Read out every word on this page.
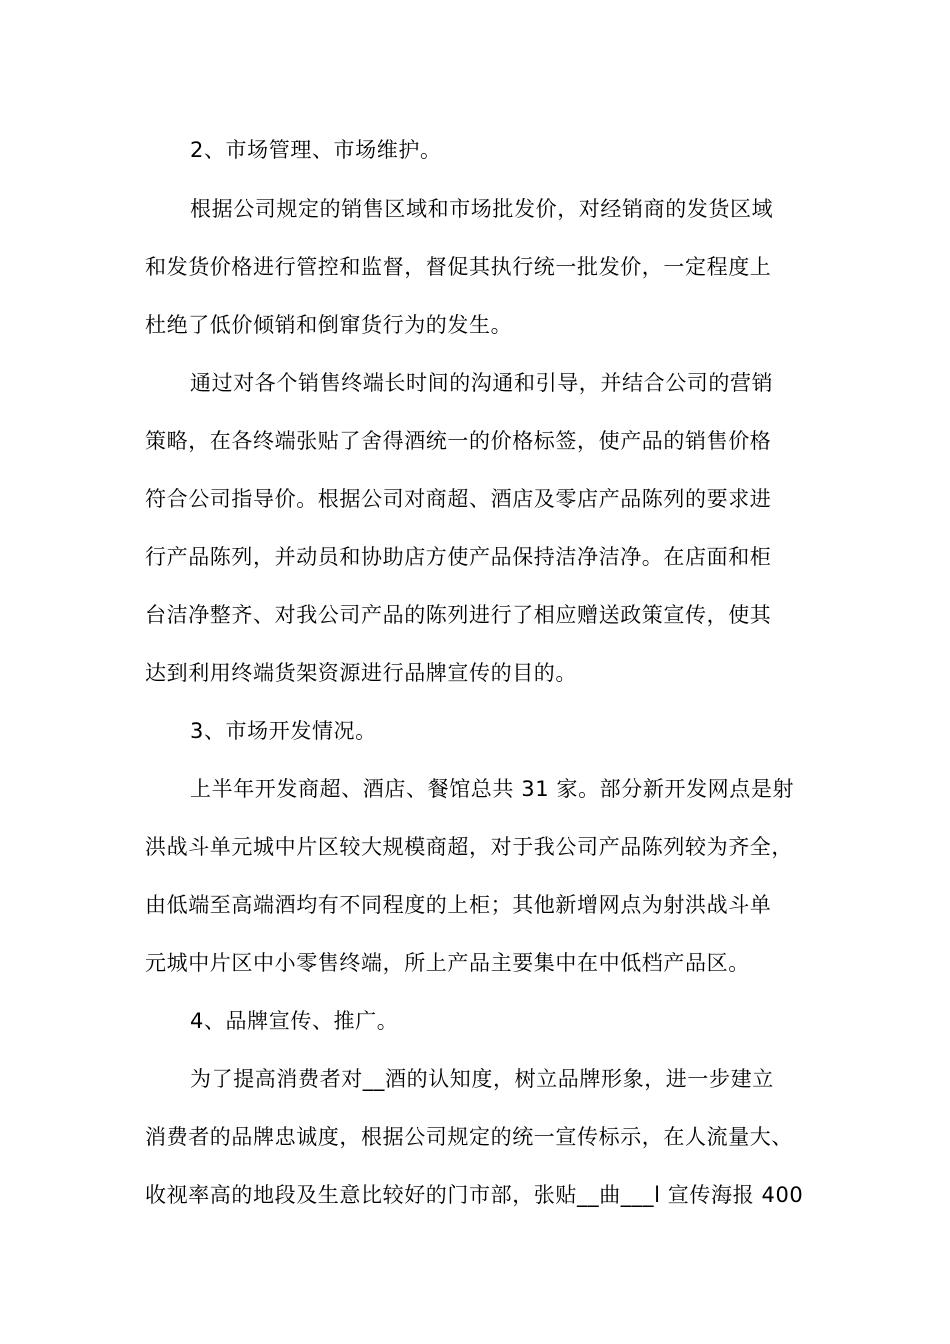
2、市场管理、市场维护。
根据公司规定的销售区域和市场批发价，对经销商的发货区域
和发货价格进行管控和监督，督促其执行统一批发价，一定程度上
杜绝了低价倾销和倒窜货行为的发生。
通过对各个销售终端长时间的沟通和引导，并结合公司的营销
策略，在各终端张贴了舍得酒统一的价格标签，使产品的销售价格
符合公司指导价。根据公司对商超、酒店及零店产品陈列的要求进
行产品陈列，并动员和协助店方使产品保持洁净洁净。在店面和柜
台洁净整齐、对我公司产品的陈列进行了相应赠送政策宣传，使其
达到利用终端货架资源进行品牌宣传的目的。
3、市场开发情况。
上半年开发商超、酒店、餐馆总共 31 家。部分新开发网点是射
洪战斗单元城中片区较大规模商超，对于我公司产品陈列较为齐全，
由低端至高端酒均有不同程度的上柜；其他新增网点为射洪战斗单
元城中片区中小零售终端，所上产品主要集中在中低档产品区。
4、品牌宣传、推广。
为了提高消费者对__酒的认知度，树立品牌形象，进一步建立
消费者的品牌忠诚度，根据公司规定的统一宣传标示，在人流量大、
收视率高的地段及生意比较好的门市部，张贴__曲___l 宣传海报 400
